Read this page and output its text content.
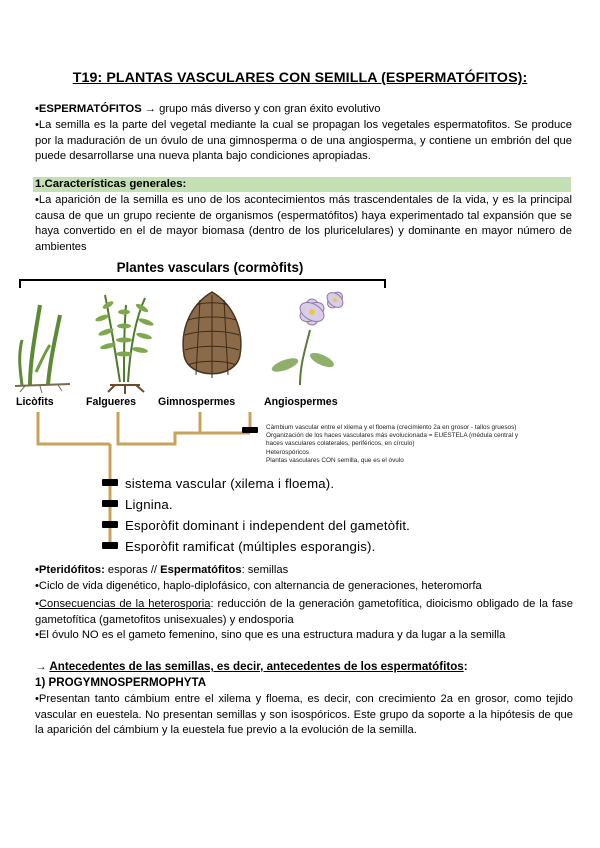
T19: PLANTAS VASCULARES CON SEMILLA (ESPERMATÓFITOS):
•ESPERMATÓFITOS → grupo más diverso y con gran éxito evolutivo
•La semilla es la parte del vegetal mediante la cual se propagan los vegetales espermatofitos. Se produce por la maduración de un óvulo de una gimnosperma o de una angiosperma, y contiene un embrión del que puede desarrollarse una nueva planta bajo condiciones apropiadas.
1.Características generales:
•La aparición de la semilla es uno de los acontecimientos más trascendentales de la vida, y es la principal causa de que un grupo reciente de organismos (espermatófitos) haya experimentado tal expansión que se haya convertido en el de mayor biomasa (dentro de los pluricelulares) y dominante en mayor número de ambientes
Plantes vasculars (cormòfits)
Licòfits	Falgueres Gimnospermes	Angiospermes
Càmbium vascular entre el xilema y el floema (crecimiento 2a en grosor - tallos gruesos)
Organización de los haces vasculares más evolucionada = EUESTELA (médula central y
haces vasculares colaterales, periféricos, en círculo)
Heterospóricos
Plantas vasculares CON semilla, que es el óvulo
sistema vascular (xilema i floema).
Lignina.
Esporòfit dominant i independent del gametòfit.
Esporòfit ramificat (múltiples esporangis).
•Pteridófitos: esporas // Espermatófitos: semillas
•Ciclo de vida digenético, haplo-diplofásico, con alternancia de generaciones, heteromorfa
•Consecuencias de la heterosporia: reducción de la generación gametofítica, dioicismo obligado de la fase gametofítica (gametofitos unisexuales) y endosporia
•El óvulo NO es el gameto femenino, sino que es una estructura madura y da lugar a la semilla
→ Antecedentes de las semillas, es decir, antecedentes de los espermatófitos:
1) PROGYMNOSPERMOPHYTA
•Presentan tanto cámbium entre el xilema y floema, es decir, con crecimiento 2a en grosor, como tejido vascular en euestela. No presentan semillas y son isospóricos. Este grupo da soporte a la hipótesis de que la aparición del cámbium y la euestela fue previo a la evolución de la semilla.
